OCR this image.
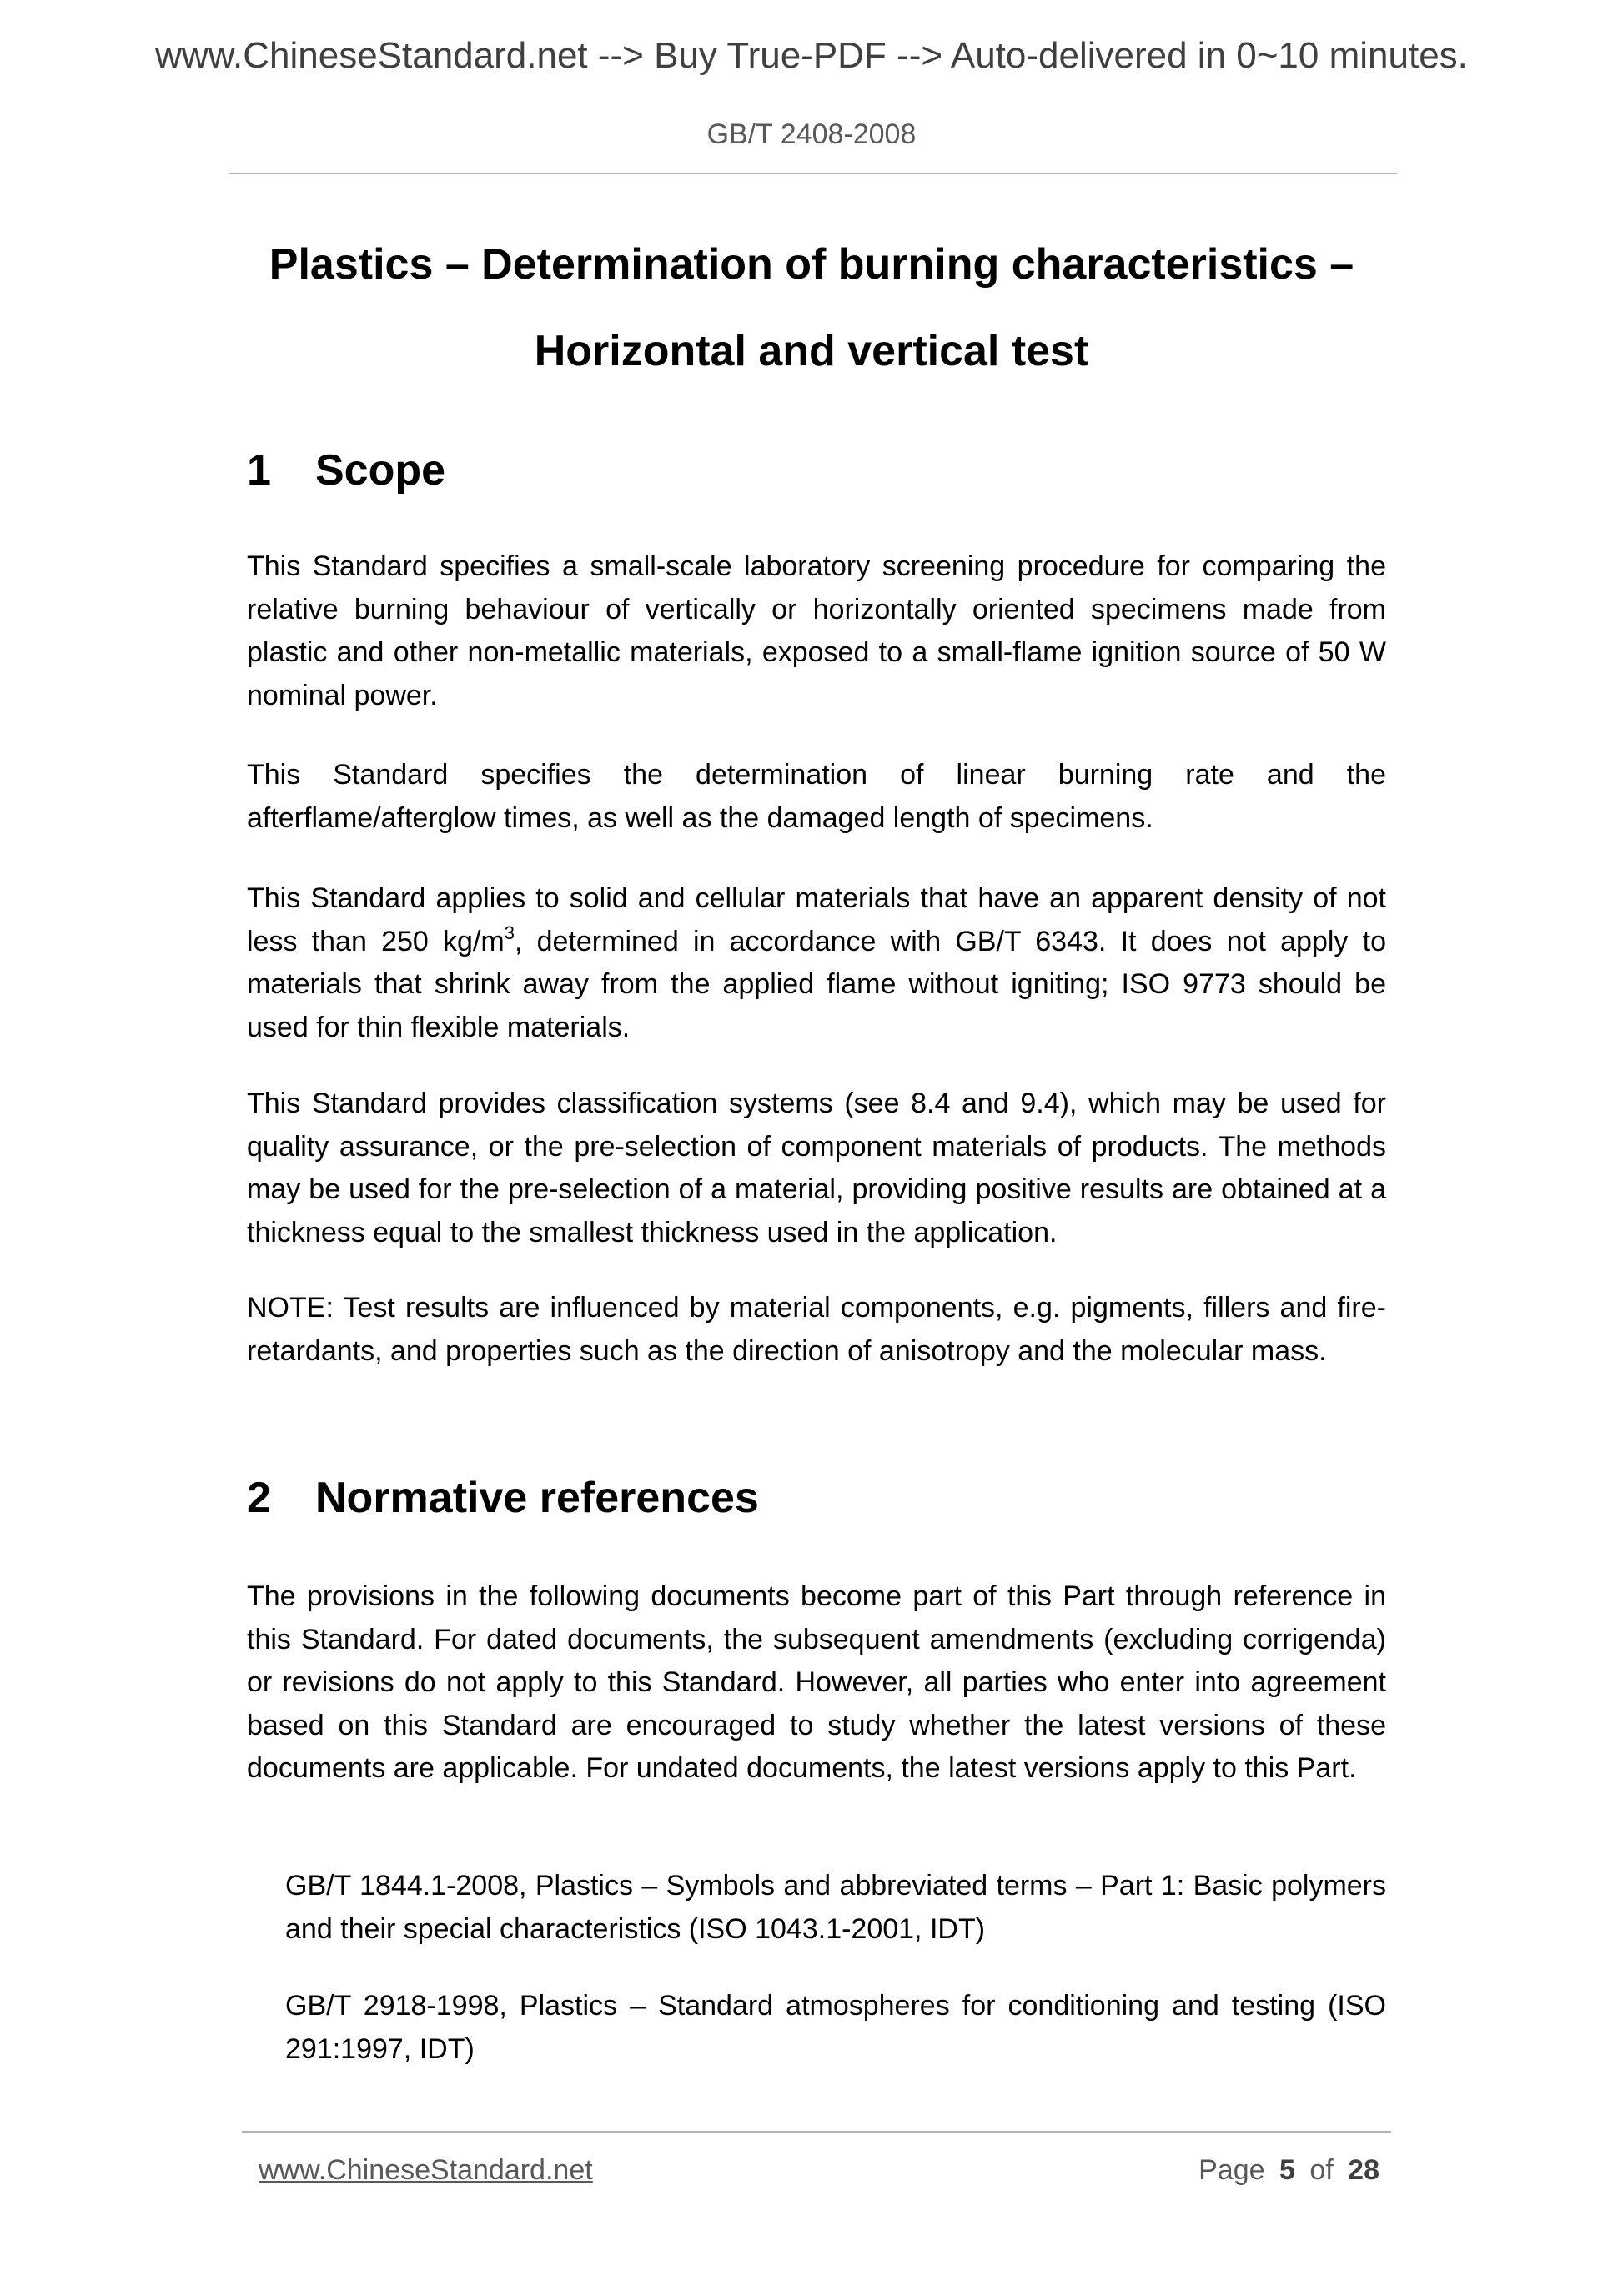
www.ChineseStandard.net --> Buy True-PDF --> Auto-delivered in 0~10 minutes.
GB/T 2408-2008
Plastics – Determination of burning characteristics –
Horizontal and vertical test
1 Scope
This Standard specifies a small-scale laboratory screening procedure for comparing the relative burning behaviour of vertically or horizontally oriented specimens made from plastic and other non-metallic materials, exposed to a small-flame ignition source of 50 W nominal power.
This Standard specifies the determination of linear burning rate and the afterflame/afterglow times, as well as the damaged length of specimens.
This Standard applies to solid and cellular materials that have an apparent density of not less than 250 $kg/m^3$, determined in accordance with GB/T 6343. It does not apply to materials that shrink away from the applied flame without igniting; ISO 9773 should be used for thin flexible materials.
This Standard provides classification systems (see 8.4 and 9.4), which may be used for quality assurance, or the pre-selection of component materials of products. The methods may be used for the pre-selection of a material, providing positive results are obtained at a thickness equal to the smallest thickness used in the application.
NOTE: Test results are influenced by material components, e.g. pigments, fillers and fire-retardants, and properties such as the direction of anisotropy and the molecular mass.
2 Normative references
The provisions in the following documents become part of this Part through reference in this Standard. For dated documents, the subsequent amendments (excluding corrigenda) or revisions do not apply to this Standard. However, all parties who enter into agreement based on this Standard are encouraged to study whether the latest versions of these documents are applicable. For undated documents, the latest versions apply to this Part.
GB/T 1844.1-2008, Plastics – Symbols and abbreviated terms – Part 1: Basic polymers and their special characteristics (ISO 1043.1-2001, IDT)
GB/T 2918-1998, Plastics – Standard atmospheres for conditioning and testing (ISO 291:1997, IDT)
www.ChineseStandard.net	Page 5 of 28
